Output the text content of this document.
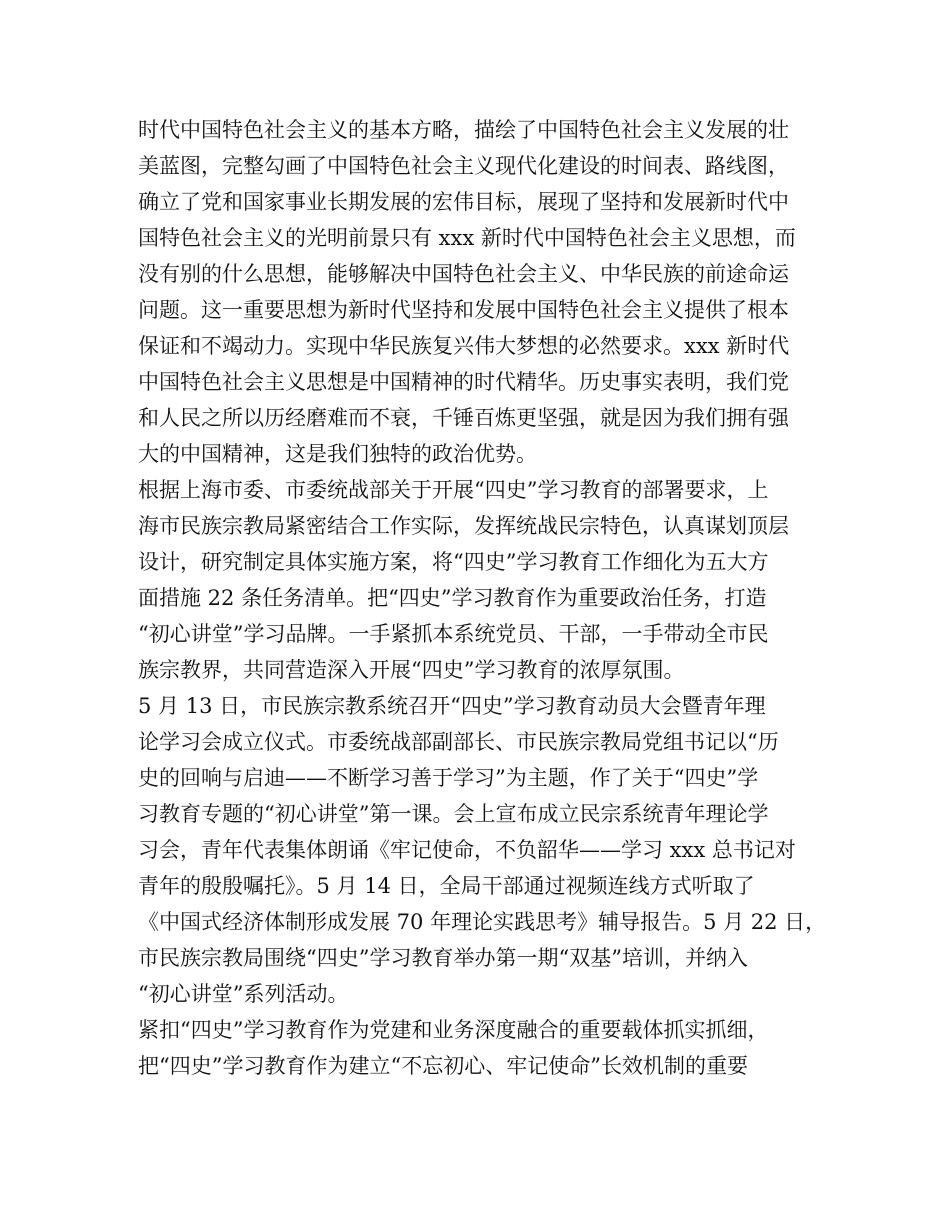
时代中国特色社会主义的基本方略，描绘了中国特色社会主义发展的壮
美蓝图，完整勾画了中国特色社会主义现代化建设的时间表、路线图，
确立了党和国家事业长期发展的宏伟目标，展现了坚持和发展新时代中
国特色社会主义的光明前景只有 xxx 新时代中国特色社会主义思想，而
没有别的什么思想，能够解决中国特色社会主义、中华民族的前途命运
问题。这一重要思想为新时代坚持和发展中国特色社会主义提供了根本
保证和不竭动力。实现中华民族复兴伟大梦想的必然要求。xxx 新时代
中国特色社会主义思想是中国精神的时代精华。历史事实表明，我们党
和人民之所以历经磨难而不衰，千锤百炼更坚强，就是因为我们拥有强
大的中国精神，这是我们独特的政治优势。
根据上海市委、市委统战部关于开展“四史”学习教育的部署要求，上
海市民族宗教局紧密结合工作实际，发挥统战民宗特色，认真谋划顶层
设计，研究制定具体实施方案，将“四史”学习教育工作细化为五大方
面措施 22 条任务清单。把“四史”学习教育作为重要政治任务，打造
“初心讲堂”学习品牌。一手紧抓本系统党员、干部，一手带动全市民
族宗教界，共同营造深入开展“四史”学习教育的浓厚氛围。
5 月 13 日，市民族宗教系统召开“四史”学习教育动员大会暨青年理
论学习会成立仪式。市委统战部副部长、市民族宗教局党组书记以“历
史的回响与启迪——不断学习善于学习”为主题，作了关于“四史”学
习教育专题的“初心讲堂”第一课。会上宣布成立民宗系统青年理论学
习会，青年代表集体朗诵《牢记使命，不负韶华——学习 xxx 总书记对
青年的殷殷嘱托》。5 月 14 日，全局干部通过视频连线方式听取了
《中国式经济体制形成发展 70 年理论实践思考》辅导报告。5 月 22 日，
市民族宗教局围绕“四史”学习教育举办第一期“双基”培训，并纳入
“初心讲堂”系列活动。
紧扣“四史”学习教育作为党建和业务深度融合的重要载体抓实抓细，
把“四史”学习教育作为建立“不忘初心、牢记使命”长效机制的重要
